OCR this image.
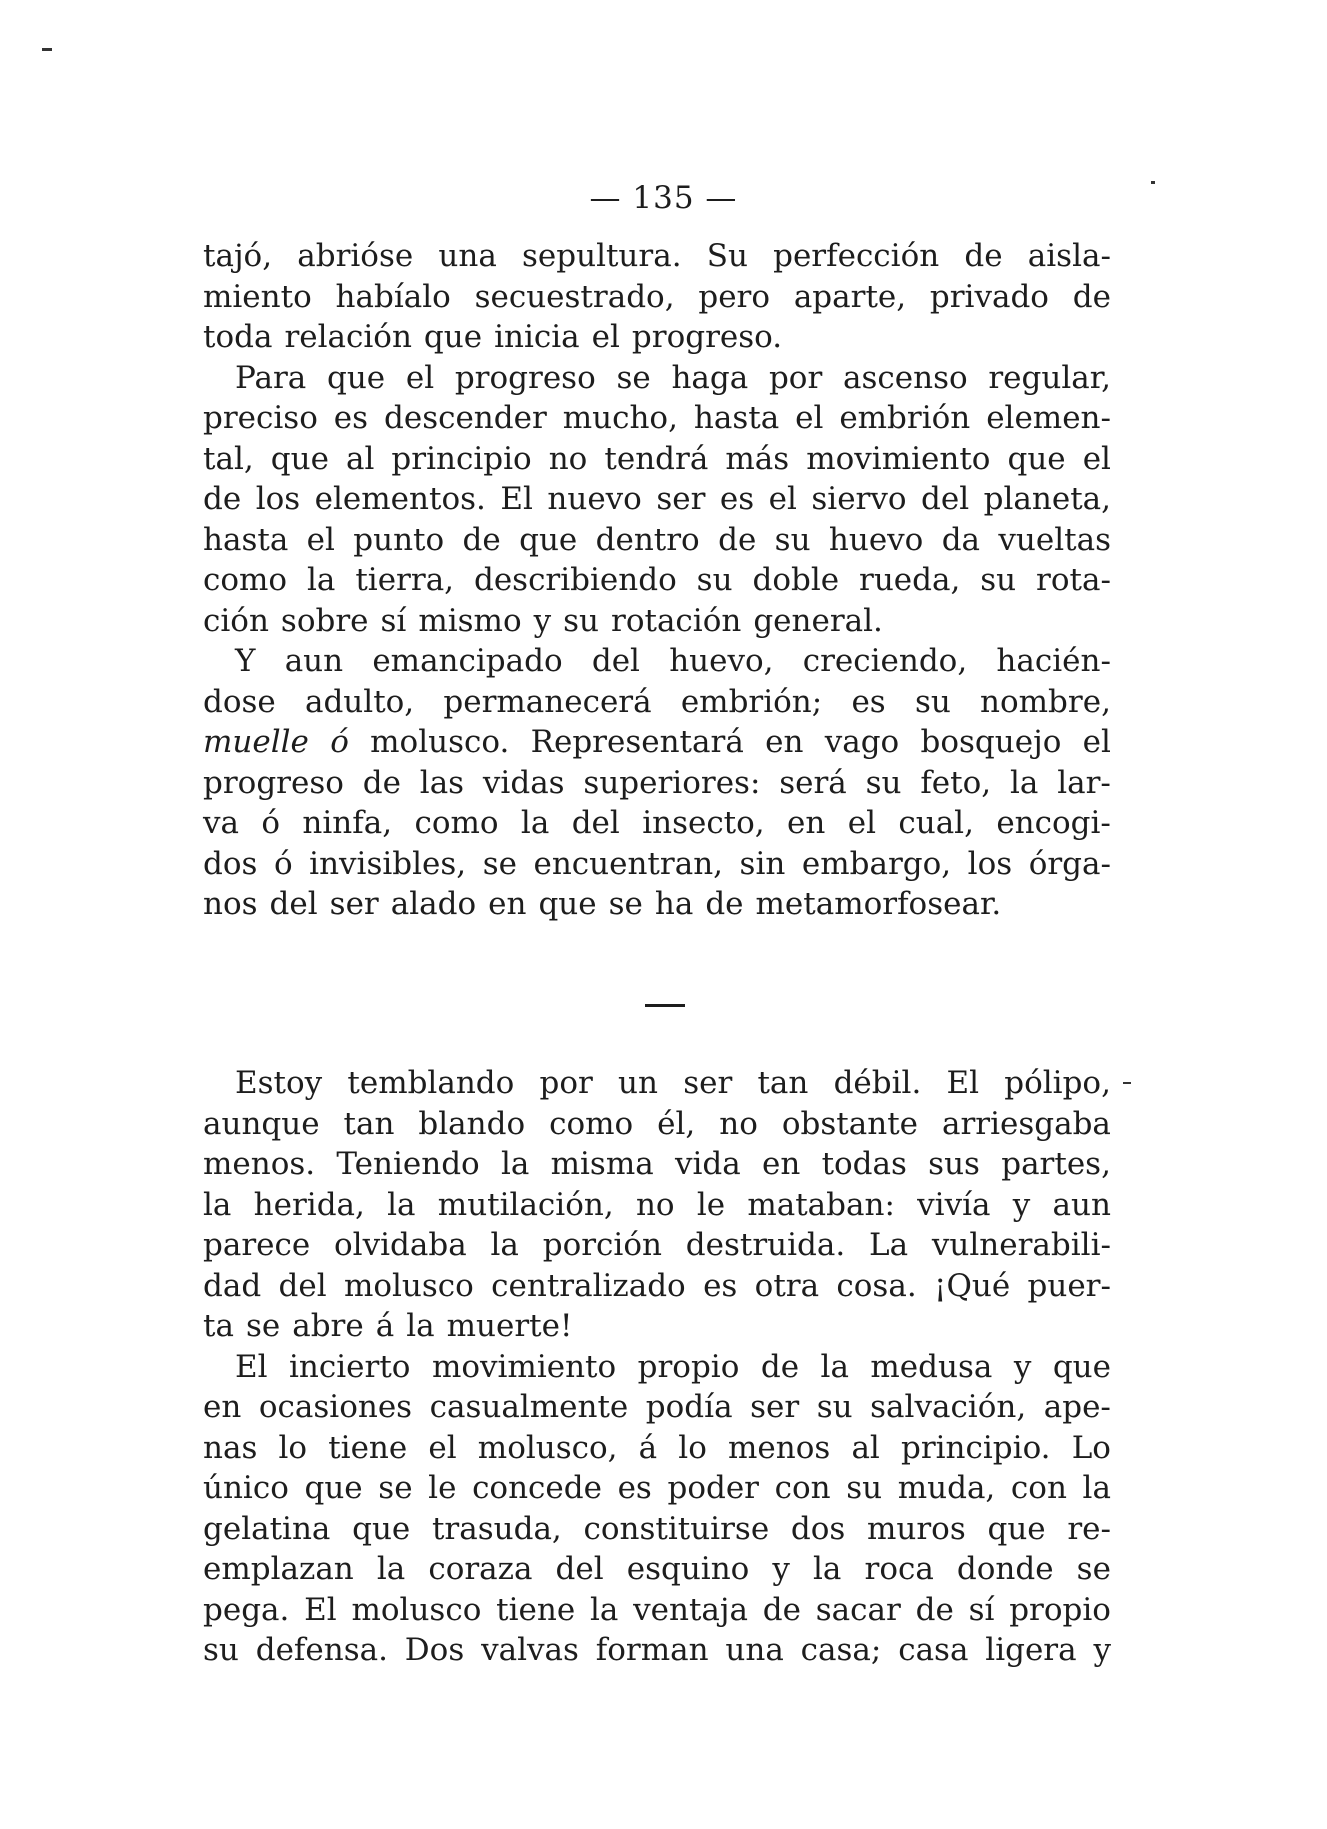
— 135 —
tajó, abrióse una sepultura. Su perfección de aisla-
miento habíalo secuestrado, pero aparte, privado de
toda relación que inicia el progreso.
Para que el progreso se haga por ascenso regular,
preciso es descender mucho, hasta el embrión elemen-
tal, que al principio no tendrá más movimiento que el
de los elementos. El nuevo ser es el siervo del planeta,
hasta el punto de que dentro de su huevo da vueltas
como la tierra, describiendo su doble rueda, su rota-
ción sobre sí mismo y su rotación general.
Y aun emancipado del huevo, creciendo, hacién-
dose adulto, permanecerá embrión; es su nombre,
muelle ó molusco. Representará en vago bosquejo el
progreso de las vidas superiores: será su feto, la lar-
va ó ninfa, como la del insecto, en el cual, encogi-
dos ó invisibles, se encuentran, sin embargo, los órga-
nos del ser alado en que se ha de metamorfosear.
Estoy temblando por un ser tan débil. El pólipo,
aunque tan blando como él, no obstante arriesgaba
menos. Teniendo la misma vida en todas sus partes,
la herida, la mutilación, no le mataban: vivía y aun
parece olvidaba la porción destruida. La vulnerabili-
dad del molusco centralizado es otra cosa. ¡Qué puer-
ta se abre á la muerte!
El incierto movimiento propio de la medusa y que
en ocasiones casualmente podía ser su salvación, ape-
nas lo tiene el molusco, á lo menos al principio. Lo
único que se le concede es poder con su muda, con la
gelatina que trasuda, constituirse dos muros que re-
emplazan la coraza del esquino y la roca donde se
pega. El molusco tiene la ventaja de sacar de sí propio
su defensa. Dos valvas forman una casa; casa ligera y
